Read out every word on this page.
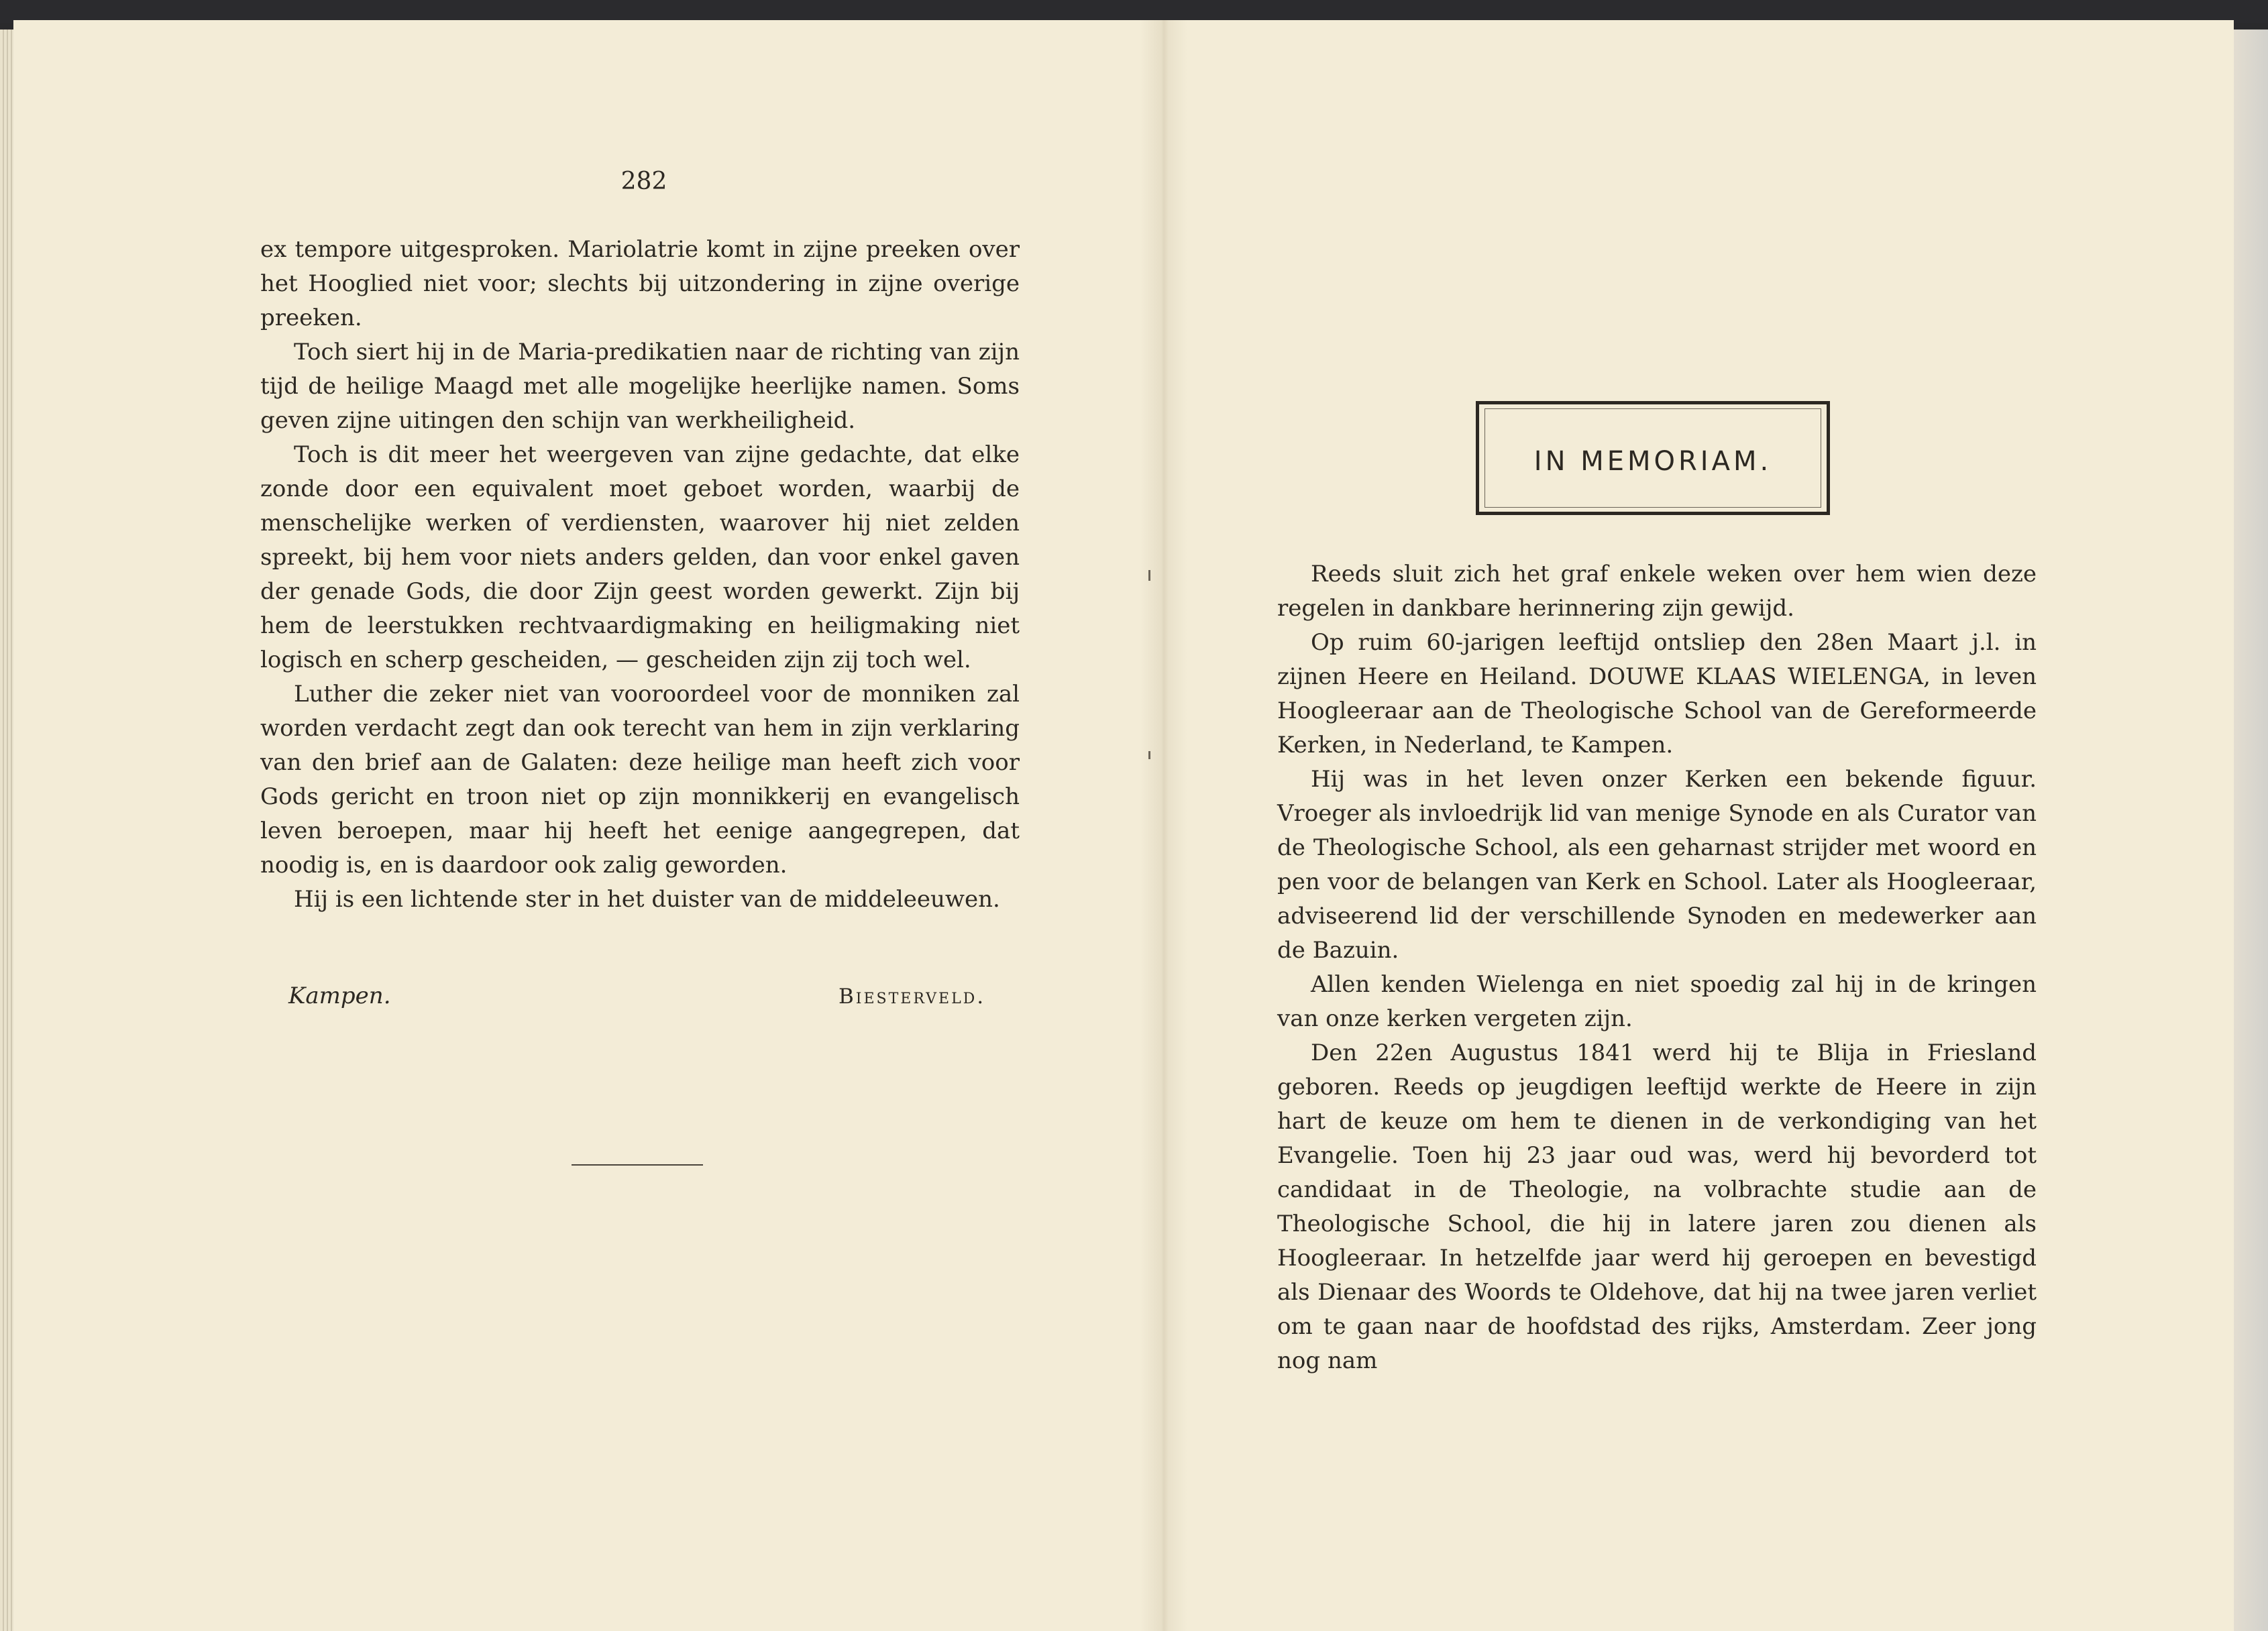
282

ex tempore uitgesproken. Mariolatrie komt in zijne preeken over het Hooglied niet voor; slechts bij uitzondering in zijne overige preeken.

Toch siert hij in de Maria-predikatien naar de richting van zijn tijd de heilige Maagd met alle mogelijke heerlijke namen. Soms geven zijne uitingen den schijn van werkheiligheid.

Toch is dit meer het weergeven van zijne gedachte, dat elke zonde door een equivalent moet geboet worden, waarbij de menschelijke werken of verdiensten, waarover hij niet zelden spreekt, bij hem voor niets anders gelden, dan voor enkel gaven der genade Gods, die door Zijn geest worden gewerkt. Zijn bij hem de leerstukken rechtvaardigmaking en heiligmaking niet logisch en scherp gescheiden, — gescheiden zijn zij toch wel.

Luther die zeker niet van vooroordeel voor de monniken zal worden verdacht zegt dan ook terecht van hem in zijn verklaring van den brief aan de Galaten: deze heilige man heeft zich voor Gods gericht en troon niet op zijn monnikkerij en evangelisch leven beroepen, maar hij heeft het eenige aangegrepen, dat noodig is, en is daardoor ook zalig geworden.

Hij is een lichtende ster in het duister van de middeleeuwen.

Kampen.	Biesterveld.
IN MEMORIAM.

Reeds sluit zich het graf enkele weken over hem wien deze regelen in dankbare herinnering zijn gewijd.

Op ruim 60-jarigen leeftijd ontsliep den 28en Maart j.l. in zijnen Heere en Heiland. DOUWE KLAAS WIELENGA, in leven Hoogleeraar aan de Theologische School van de Gereformeerde Kerken, in Nederland, te Kampen.

Hij was in het leven onzer Kerken een bekende figuur. Vroeger als invloedrijk lid van menige Synode en als Curator van de Theologische School, als een geharnast strijder met woord en pen voor de belangen van Kerk en School. Later als Hoogleeraar, adviseerend lid der verschillende Synoden en medewerker aan de Bazuin.

Allen kenden Wielenga en niet spoedig zal hij in de kringen van onze kerken vergeten zijn.

Den 22en Augustus 1841 werd hij te Blija in Friesland geboren. Reeds op jeugdigen leeftijd werkte de Heere in zijn hart de keuze om hem te dienen in de verkondiging van het Evangelie. Toen hij 23 jaar oud was, werd hij bevorderd tot candidaat in de Theologie, na volbrachte studie aan de Theologische School, die hij in latere jaren zou dienen als Hoogleeraar. In hetzelfde jaar werd hij geroepen en bevestigd als Dienaar des Woords te Oldehove, dat hij na twee jaren verliet om te gaan naar de hoofdstad des rijks, Amsterdam. Zeer jong nog nam
